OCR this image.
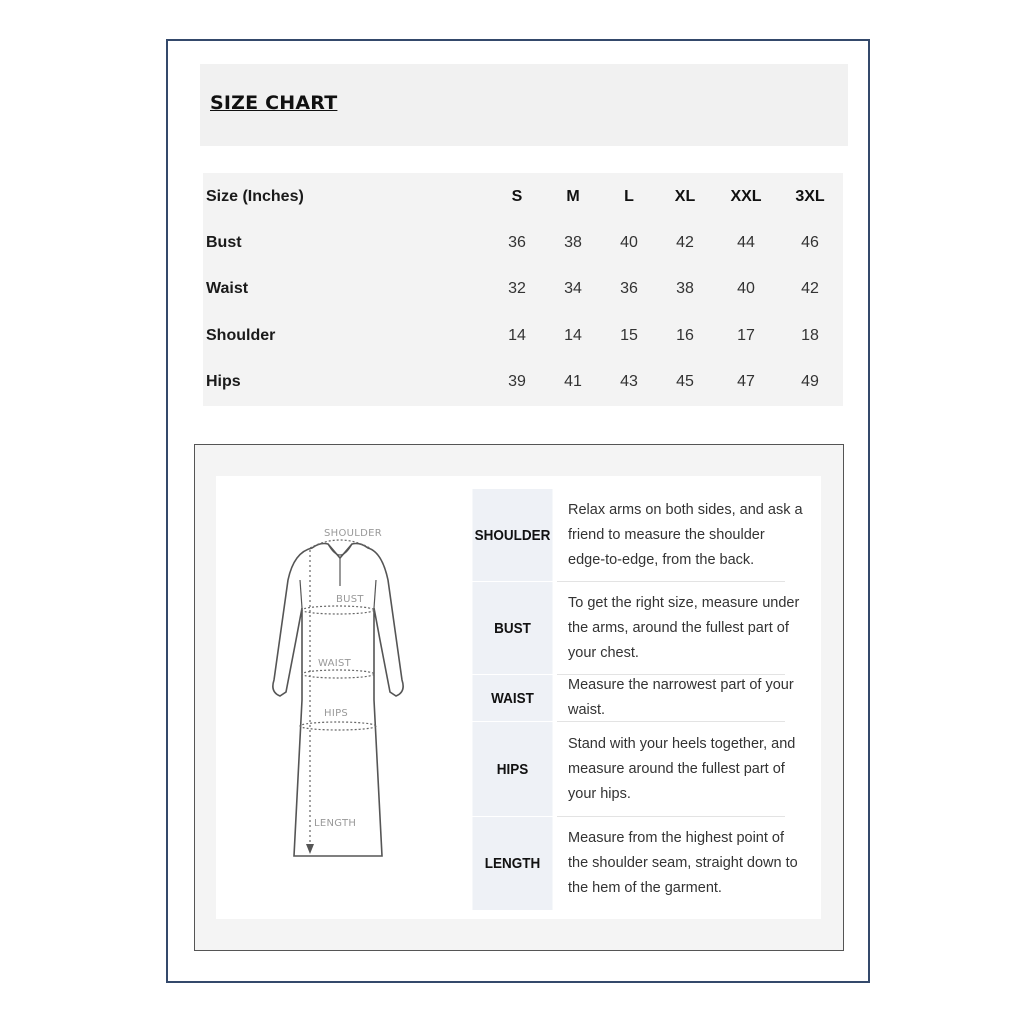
SIZE CHART
Size (Inches)	S	M	L	XL	XXL	3XL
Bust	36	38	40	42	44	46
Waist	32	34	36	38	40	42
Shoulder	14	14	15	16	17	18
Hips	39	41	43	45	47	49
SHOULDER
BUST
WAIST
HIPS
LENGTH
SHOULDER
Relax arms on both sides, and ask a friend to measure the shoulder edge-to-edge, from the back.
BUST
To get the right size, measure under the arms, around the fullest part of your chest.
WAIST
Measure the narrowest part of your waist.
HIPS
Stand with your heels together, and measure around the fullest part of your hips.
LENGTH
Measure from the highest point of the shoulder seam, straight down to the hem of the garment.
